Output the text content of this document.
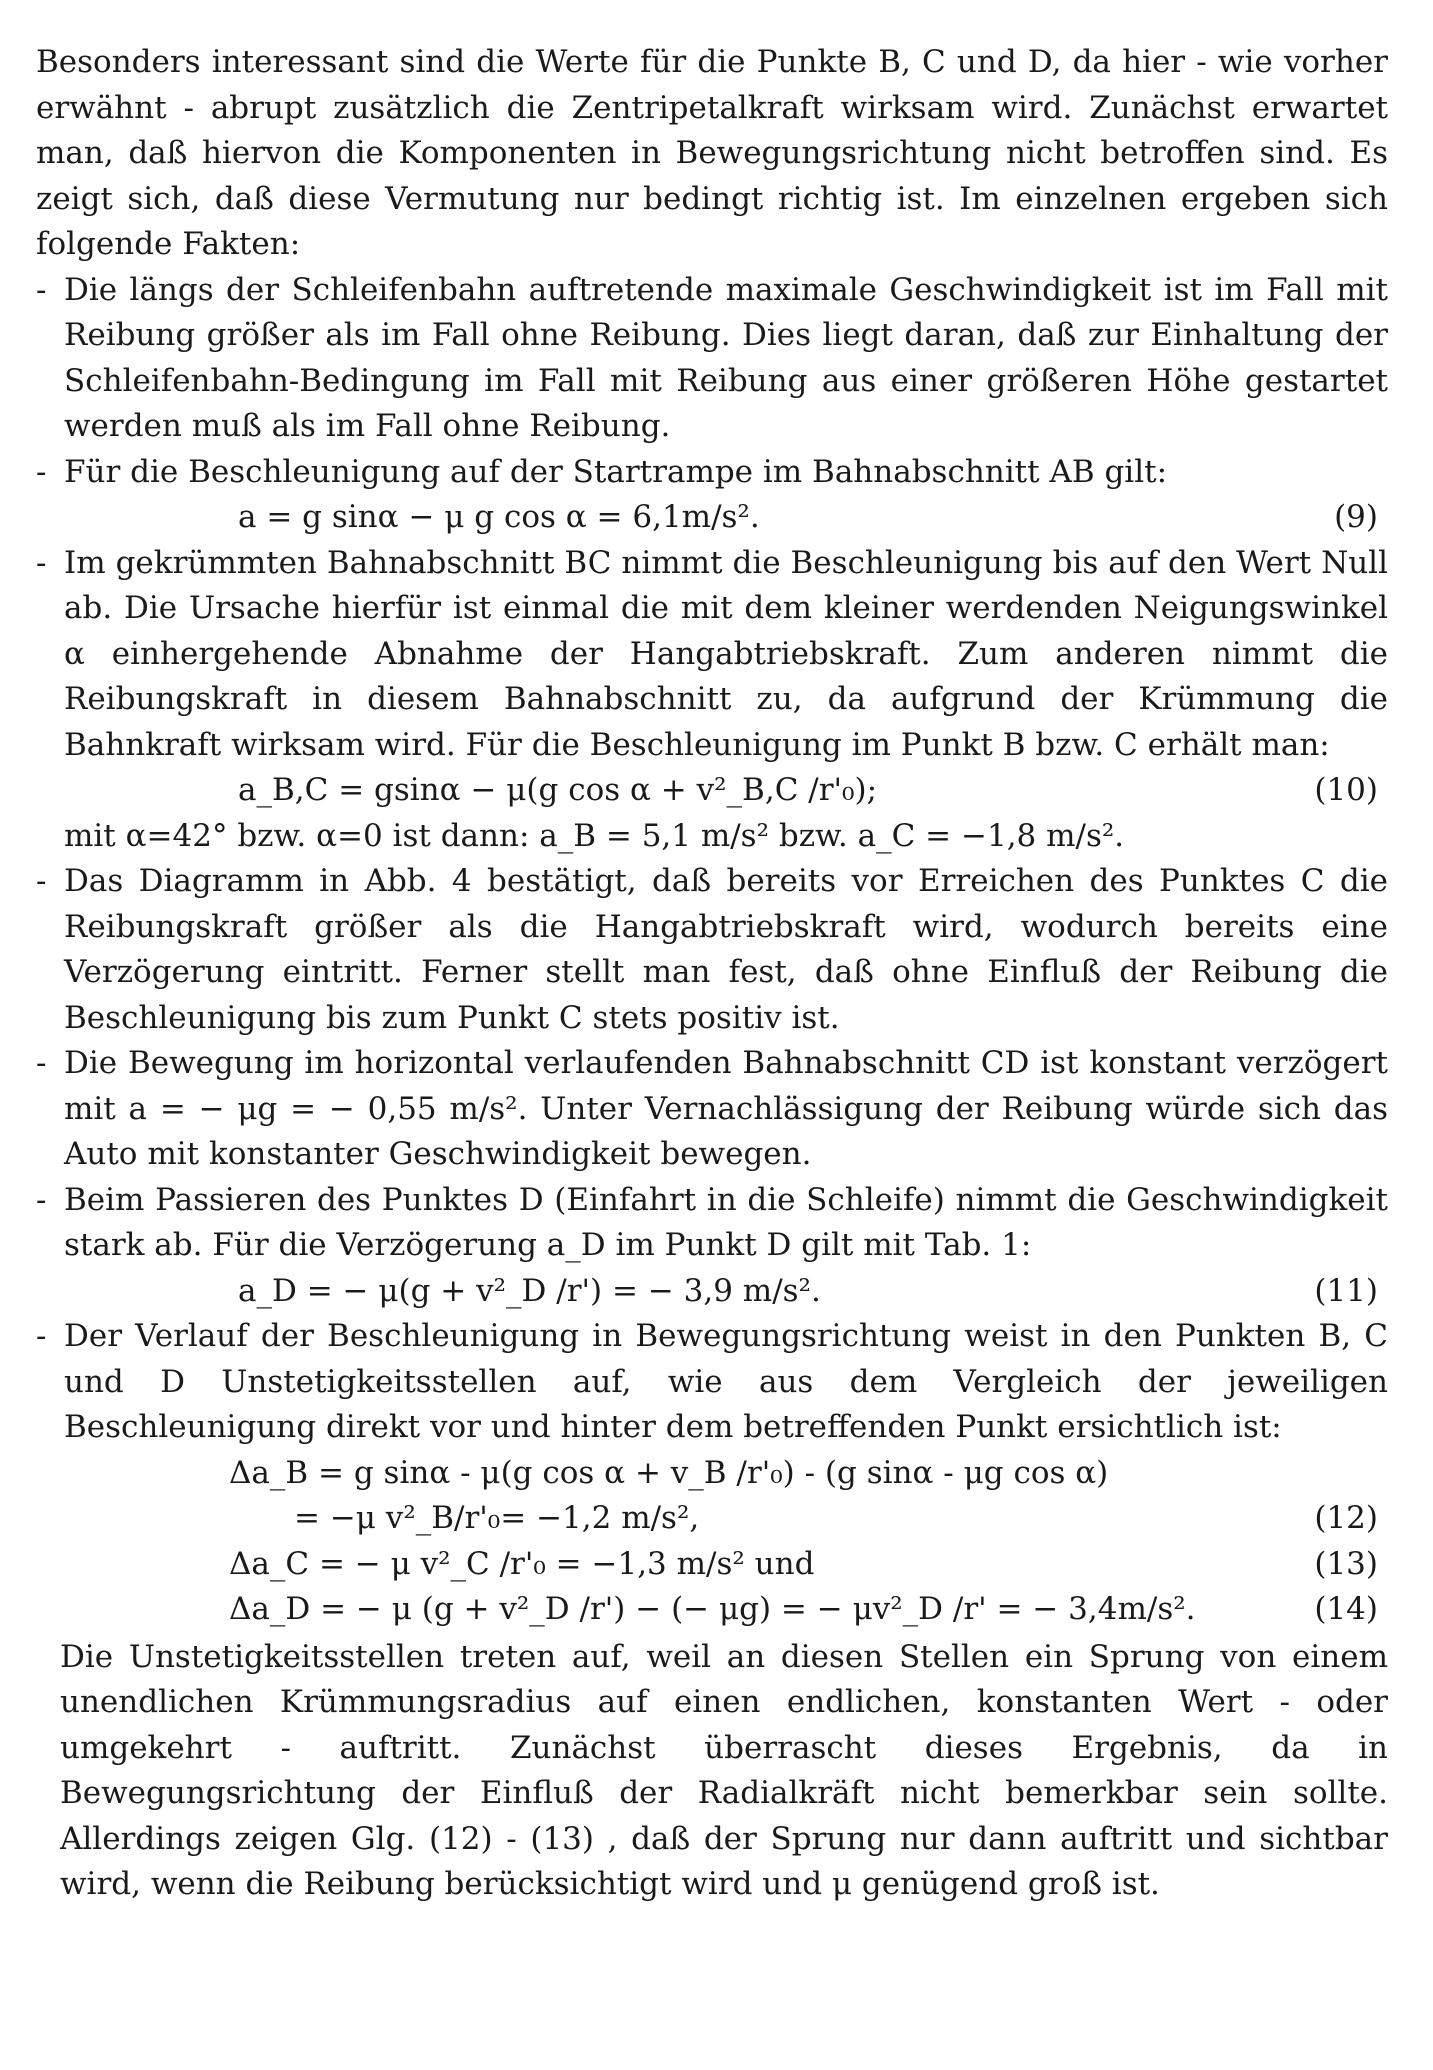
Besonders interessant sind die Werte für die Punkte B, C und D, da hier - wie vorher erwähnt - abrupt zusätzlich die Zentripetalkraft wirksam wird. Zunächst erwartet man, daß hiervon die Komponenten in Bewegungsrichtung nicht betroffen sind. Es zeigt sich, daß diese Vermutung nur bedingt richtig ist. Im einzelnen ergeben sich folgende Fakten:
- Die längs der Schleifenbahn auftretende maximale Geschwindigkeit ist im Fall mit Reibung größer als im Fall ohne Reibung. Dies liegt daran, daß zur Einhaltung der Schleifenbahn-Bedingung im Fall mit Reibung aus einer größeren Höhe gestartet werden muß als im Fall ohne Reibung.
- Für die Beschleunigung auf der Startrampe im Bahnabschnitt AB gilt:
a = g sinα − μ g cos α = 6,1m/s².	(9)
- Im gekrümmten Bahnabschnitt BC nimmt die Beschleunigung bis auf den Wert Null ab. Die Ursache hierfür ist einmal die mit dem kleiner werdenden Neigungswinkel α einhergehende Abnahme der Hangabtriebskraft. Zum anderen nimmt die Reibungskraft in diesem Bahnabschnitt zu, da aufgrund der Krümmung die Bahnkraft wirksam wird. Für die Beschleunigung im Punkt B bzw. C erhält man:
a_B,C = gsinα − μ(g cos α + v²_B,C /r'₀);	(10)
mit α=42° bzw. α=0 ist dann: a_B = 5,1 m/s² bzw. a_C = −1,8 m/s².
- Das Diagramm in Abb. 4 bestätigt, daß bereits vor Erreichen des Punktes C die Reibungskraft größer als die Hangabtriebskraft wird, wodurch bereits eine Verzögerung eintritt. Ferner stellt man fest, daß ohne Einfluß der Reibung die Beschleunigung bis zum Punkt C stets positiv ist.
- Die Bewegung im horizontal verlaufenden Bahnabschnitt CD ist konstant verzögert mit a = − μg = − 0,55 m/s². Unter Vernachlässigung der Reibung würde sich das Auto mit konstanter Geschwindigkeit bewegen.
- Beim Passieren des Punktes D (Einfahrt in die Schleife) nimmt die Geschwindigkeit stark ab. Für die Verzögerung a_D im Punkt D gilt mit Tab. 1:
a_D = − μ(g + v²_D /r') = − 3,9 m/s².	(11)
- Der Verlauf der Beschleunigung in Bewegungsrichtung weist in den Punkten B, C und D Unstetigkeitsstellen auf, wie aus dem Vergleich der jeweiligen Beschleunigung direkt vor und hinter dem betreffenden Punkt ersichtlich ist:
Δa_B = g sinα - μ(g cos α + v_B /r'₀) - (g sinα - μg cos α)
= −μ v²_B/r'₀= −1,2 m/s²,	(12)
Δa_C = − μ v²_C /r'₀ = −1,3 m/s² und	(13)
Δa_D = − μ (g + v²_D /r') − (− μg) = − μv²_D /r' = − 3,4m/s².	(14)
Die Unstetigkeitsstellen treten auf, weil an diesen Stellen ein Sprung von einem unendlichen Krümmungsradius auf einen endlichen, konstanten Wert - oder umgekehrt - auftritt. Zunächst überrascht dieses Ergebnis, da in Bewegungsrichtung der Einfluß der Radialkräft nicht bemerkbar sein sollte. Allerdings zeigen Glg. (12) - (13) , daß der Sprung nur dann auftritt und sichtbar wird, wenn die Reibung berücksichtigt wird und μ genügend groß ist.
